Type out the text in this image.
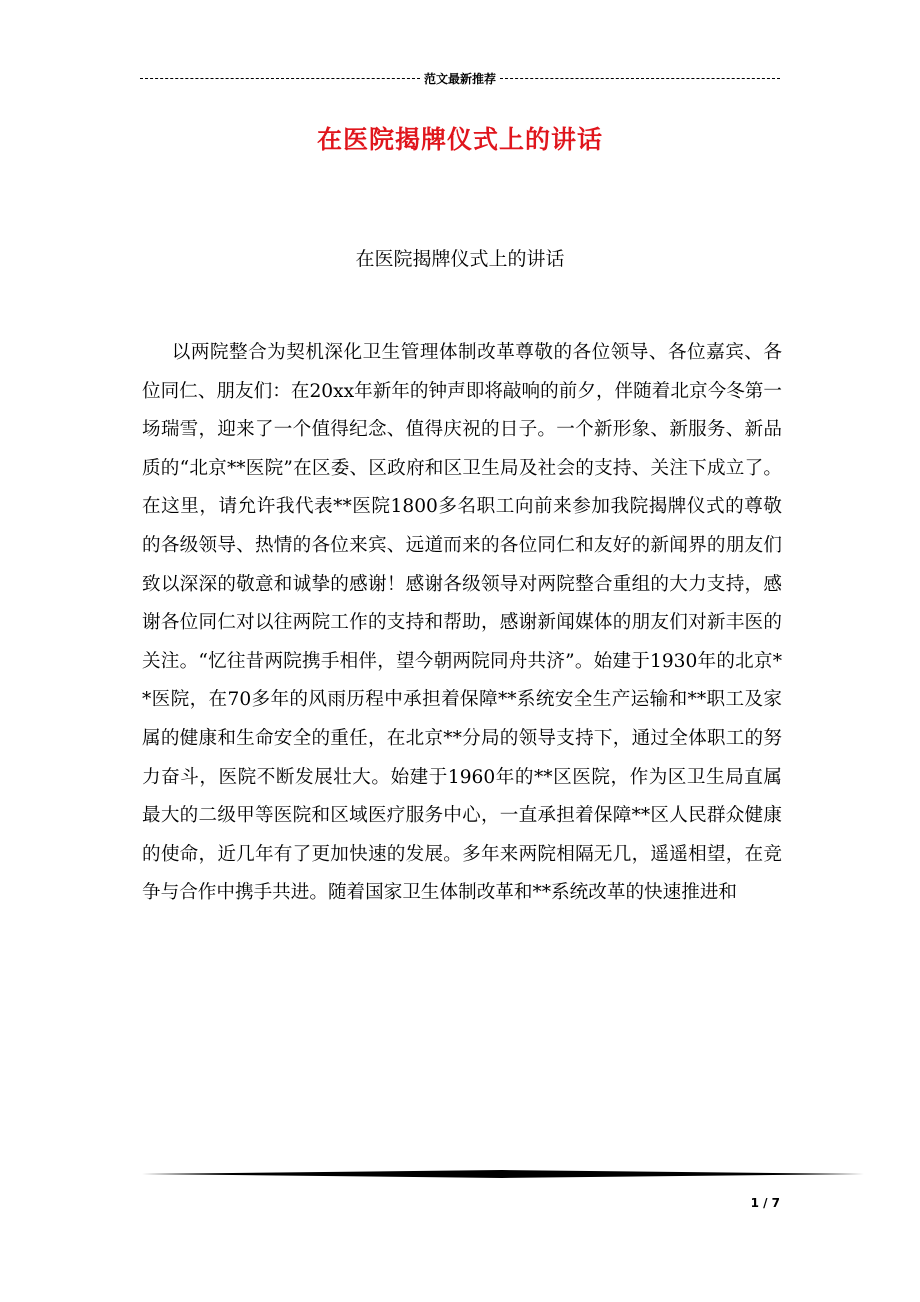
范文最新推荐
在医院揭牌仪式上的讲话
在医院揭牌仪式上的讲话

以两院整合为契机深化卫生管理体制改革尊敬的各位领导、各位嘉宾、各位同仁、朋友们：在20xx年新年的钟声即将敲响的前夕，伴随着北京今冬第一场瑞雪，迎来了一个值得纪念、值得庆祝的日子。一个新形象、新服务、新品质的“北京**医院”在区委、区政府和区卫生局及社会的支持、关注下成立了。在这里，请允许我代表**医院1800多名职工向前来参加我院揭牌仪式的尊敬的各级领导、热情的各位来宾、远道而来的各位同仁和友好的新闻界的朋友们致以深深的敬意和诚挚的感谢！感谢各级领导对两院整合重组的大力支持，感谢各位同仁对以往两院工作的支持和帮助，感谢新闻媒体的朋友们对新丰医的关注。“忆往昔两院携手相伴，望今朝两院同舟共济”。始建于1930年的北京**医院，在70多年的风雨历程中承担着保障**系统安全生产运输和**职工及家属的健康和生命安全的重任，在北京**分局的领导支持下，通过全体职工的努力奋斗，医院不断发展壮大。始建于1960年的**区医院，作为区卫生局直属最大的二级甲等医院和区域医疗服务中心，一直承担着保障**区人民群众健康的使命，近几年有了更加快速的发展。多年来两院相隔无几，遥遥相望，在竞争与合作中携手共进。随着国家卫生体制改革和**系统改革的快速推进和

1 / 7
